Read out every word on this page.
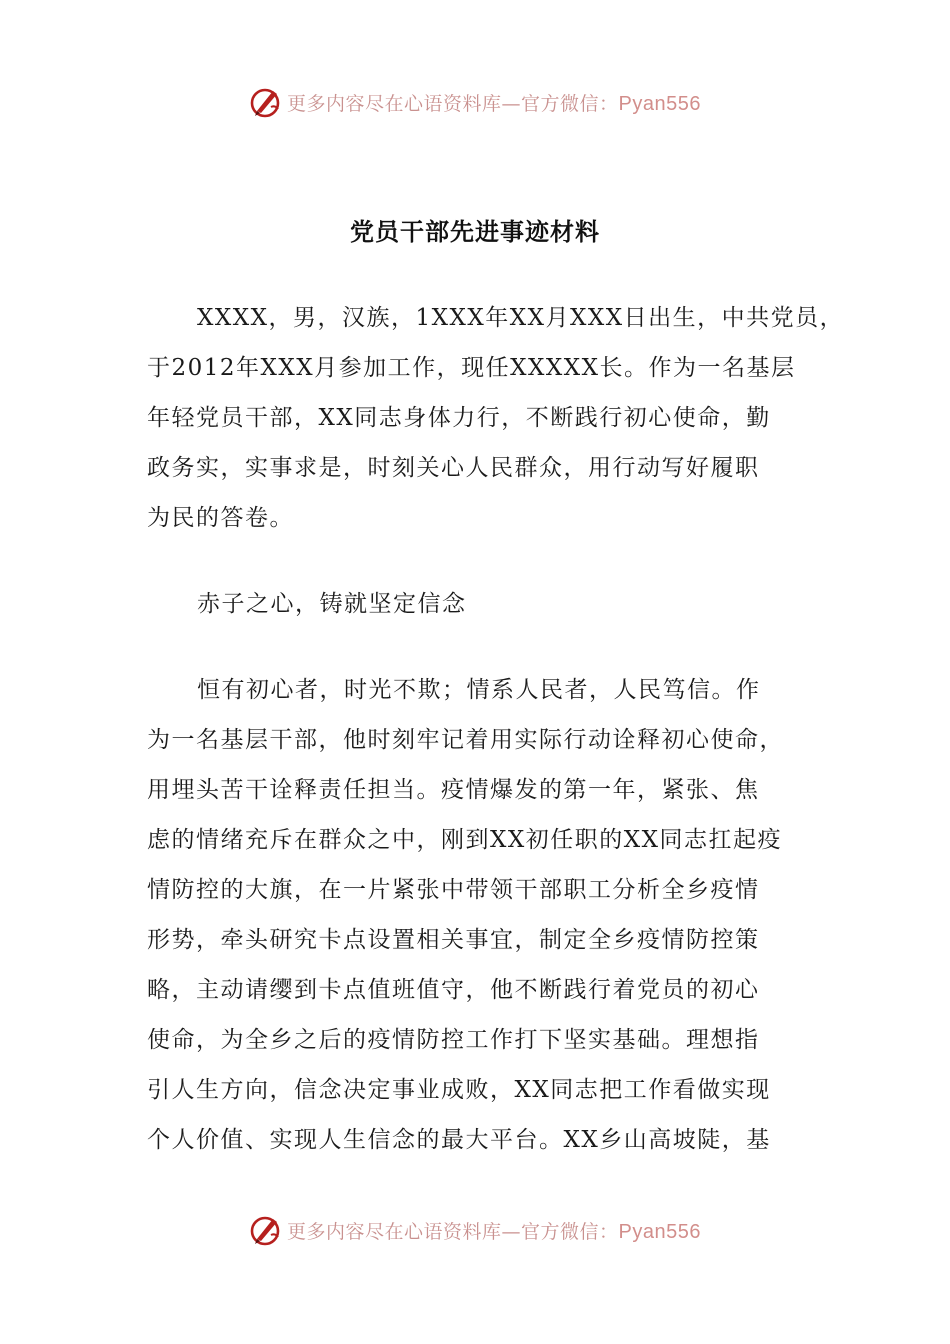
更多内容尽在心语资料库—官方微信：Pyan556
党员干部先进事迹材料
XXXX，男，汉族，1XXX年XX月XXX日出生，中共党员，
于2012年XXX月参加工作，现任XXXXX长。作为一名基层
年轻党员干部，XX同志身体力行，不断践行初心使命，勤
政务实，实事求是，时刻关心人民群众，用行动写好履职
为民的答卷。
赤子之心，铸就坚定信念
恒有初心者，时光不欺；情系人民者，人民笃信。作
为一名基层干部，他时刻牢记着用实际行动诠释初心使命，
用埋头苦干诠释责任担当。疫情爆发的第一年，紧张、焦
虑的情绪充斥在群众之中，刚到XX初任职的XX同志扛起疫
情防控的大旗，在一片紧张中带领干部职工分析全乡疫情
形势，牵头研究卡点设置相关事宜，制定全乡疫情防控策
略，主动请缨到卡点值班值守，他不断践行着党员的初心
使命，为全乡之后的疫情防控工作打下坚实基础。理想指
引人生方向，信念决定事业成败，XX同志把工作看做实现
个人价值、实现人生信念的最大平台。XX乡山高坡陡，基
更多内容尽在心语资料库—官方微信：Pyan556
